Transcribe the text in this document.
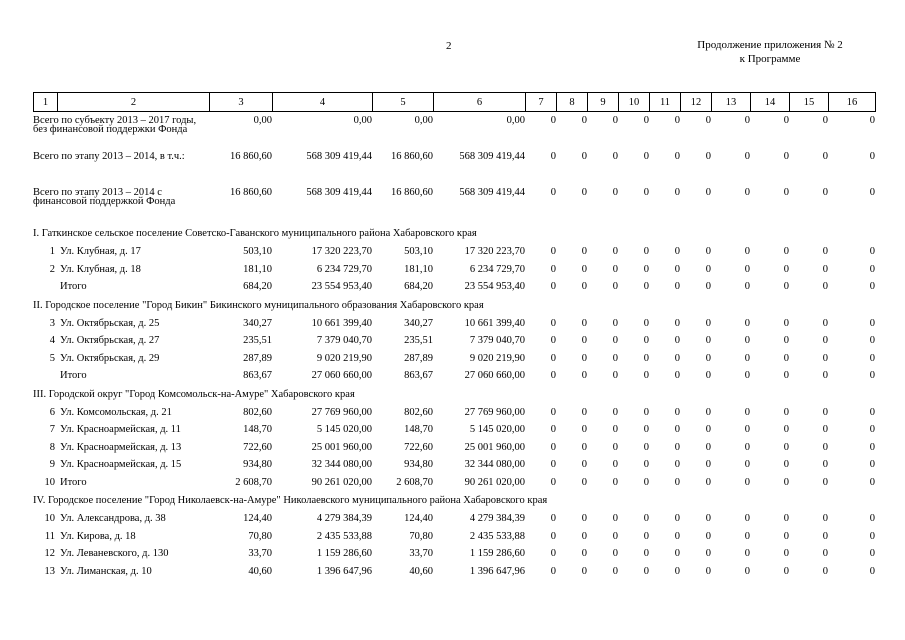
2	Продолжение приложения № 2
к Программе
1	2	3	4	5	6	7	8	9	10	11	12	13	14	15	16
Всего по субъекту 2013 – 2017 годы, без финансовой поддержки Фонда		0,00	0,00	0,00	0,00	0	0	0	0	0	0	0	0	0	0
Всего по этапу 2013 – 2014, в т.ч.:		16 860,60	568 309 419,44	16 860,60	568 309 419,44	0	0	0	0	0	0	0	0	0	0
Всего по этапу 2013 – 2014 с финансовой поддержкой Фонда		16 860,60	568 309 419,44	16 860,60	568 309 419,44	0	0	0	0	0	0	0	0	0	0
I. Гаткинское сельское поселение Советско-Гаванского муниципального района Хабаровского края															
1	Ул. Клубная, д. 17	503,10	17 320 223,70	503,10	17 320 223,70	0	0	0	0	0	0	0	0	0	0
2	Ул. Клубная, д. 18	181,10	6 234 729,70	181,10	6 234 729,70	0	0	0	0	0	0	0	0	0	0
	Итого	684,20	23 554 953,40	684,20	23 554 953,40	0	0	0	0	0	0	0	0	0	0
II. Городское поселение "Город Бикин" Бикинского муниципального образования Хабаровского края															
3	Ул. Октябрьская, д. 25	340,27	10 661 399,40	340,27	10 661 399,40	0	0	0	0	0	0	0	0	0	0
4	Ул. Октябрьская, д. 27	235,51	7 379 040,70	235,51	7 379 040,70	0	0	0	0	0	0	0	0	0	0
5	Ул. Октябрьская, д. 29	287,89	9 020 219,90	287,89	9 020 219,90	0	0	0	0	0	0	0	0	0	0
	Итого	863,67	27 060 660,00	863,67	27 060 660,00	0	0	0	0	0	0	0	0	0	0
III. Городской округ "Город Комсомольск-на-Амуре" Хабаровского края															
6	Ул. Комсомольская, д. 21	802,60	27 769 960,00	802,60	27 769 960,00	0	0	0	0	0	0	0	0	0	0
7	Ул. Красноармейская, д. 11	148,70	5 145 020,00	148,70	5 145 020,00	0	0	0	0	0	0	0	0	0	0
8	Ул. Красноармейская, д. 13	722,60	25 001 960,00	722,60	25 001 960,00	0	0	0	0	0	0	0	0	0	0
9	Ул. Красноармейская, д. 15	934,80	32 344 080,00	934,80	32 344 080,00	0	0	0	0	0	0	0	0	0	0
10	Итого	2 608,70	90 261 020,00	2 608,70	90 261 020,00	0	0	0	0	0	0	0	0	0	0
IV. Городское поселение "Город Николаевск-на-Амуре" Николаевского муниципального района Хабаровского края															
10	Ул. Александрова, д. 38	124,40	4 279 384,39	124,40	4 279 384,39	0	0	0	0	0	0	0	0	0	0
11	Ул. Кирова, д. 18	70,80	2 435 533,88	70,80	2 435 533,88	0	0	0	0	0	0	0	0	0	0
12	Ул. Леваневского, д. 130	33,70	1 159 286,60	33,70	1 159 286,60	0	0	0	0	0	0	0	0	0	0
13	Ул. Лиманская, д. 10	40,60	1 396 647,96	40,60	1 396 647,96	0	0	0	0	0	0	0	0	0	0
